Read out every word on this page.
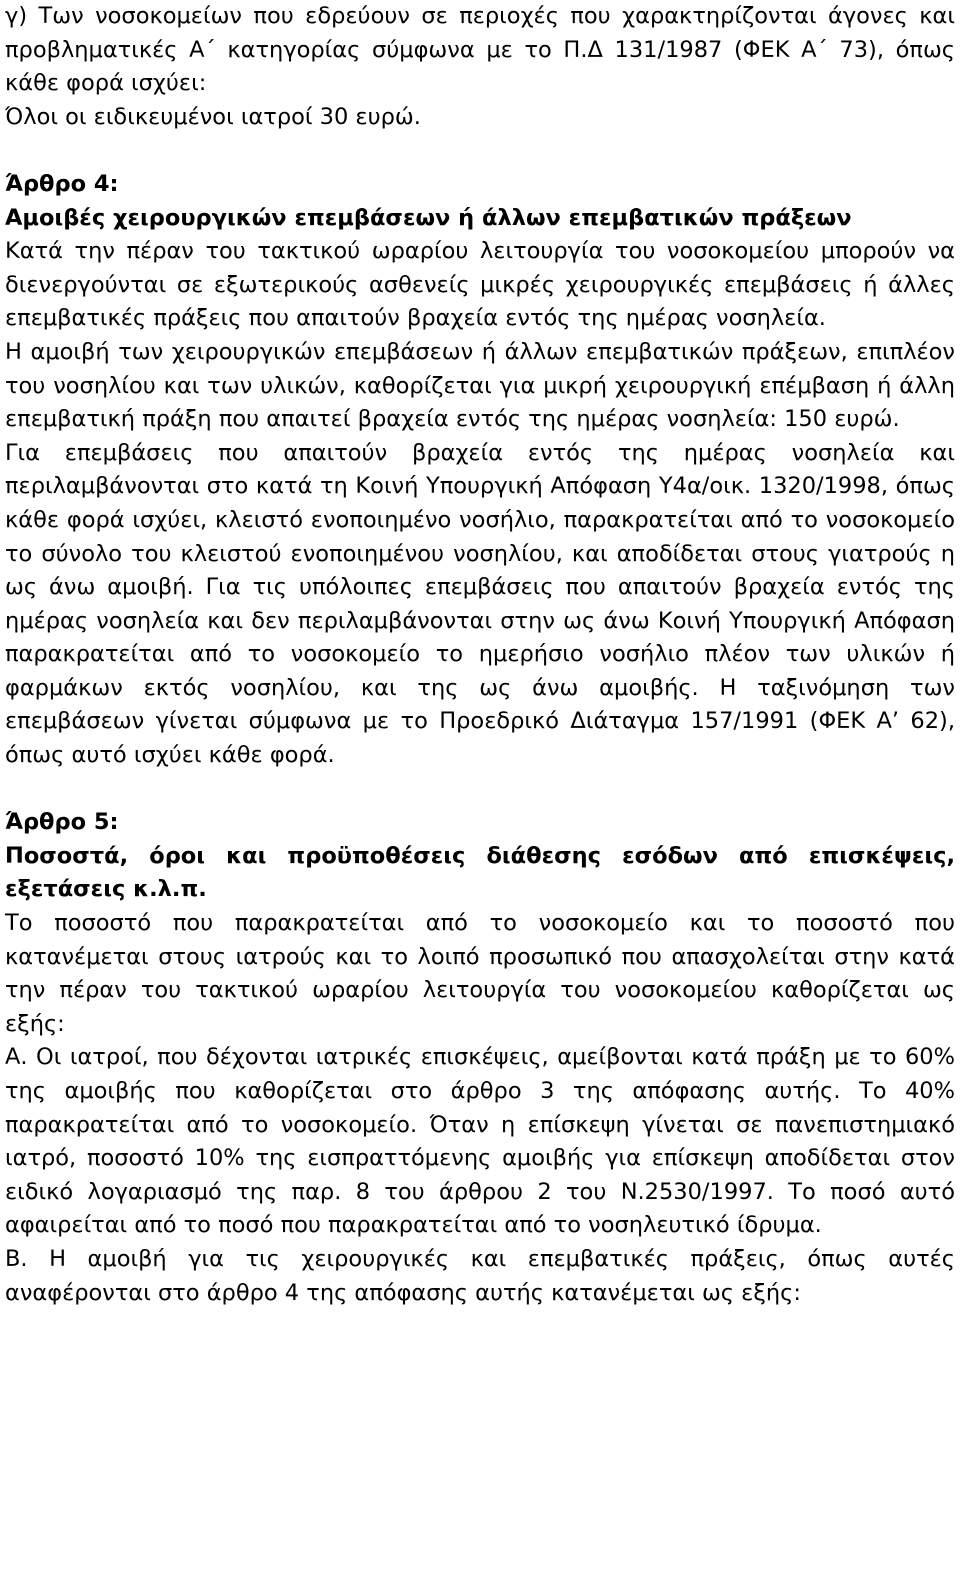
γ) Των νοσοκομείων που εδρεύουν σε περιοχές που χαρακτηρίζονται άγονες και προβληματικές Α΄ κατηγορίας σύμφωνα με το Π.Δ 131/1987 (ΦΕΚ Α΄ 73), όπως κάθε φορά ισχύει:

Όλοι οι ειδικευμένοι ιατροί 30 ευρώ.

Άρθρο 4:

Αμοιβές χειρουργικών επεμβάσεων ή άλλων επεμβατικών πράξεων

Κατά την πέραν του τακτικού ωραρίου λειτουργία του νοσοκομείου μπορούν να διενεργούνται σε εξωτερικούς ασθενείς μικρές χειρουργικές επεμβάσεις ή άλλες επεμβατικές πράξεις που απαιτούν βραχεία εντός της ημέρας νοσηλεία.

Η αμοιβή των χειρουργικών επεμβάσεων ή άλλων επεμβατικών πράξεων, επιπλέον του νοσηλίου και των υλικών, καθορίζεται για μικρή χειρουργική επέμβαση ή άλλη επεμβατική πράξη που απαιτεί βραχεία εντός της ημέρας νοσηλεία: 150 ευρώ.

Για επεμβάσεις που απαιτούν βραχεία εντός της ημέρας νοσηλεία και περιλαμβάνονται στο κατά τη Κοινή Υπουργική Απόφαση Υ4α/οικ. 1320/1998, όπως κάθε φορά ισχύει, κλειστό ενοποιημένο νοσήλιο, παρακρατείται από το νοσοκομείο το σύνολο του κλειστού ενοποιημένου νοσηλίου, και αποδίδεται στους γιατρούς η ως άνω αμοιβή. Για τις υπόλοιπες επεμβάσεις που απαιτούν βραχεία εντός της ημέρας νοσηλεία και δεν περιλαμβάνονται στην ως άνω Κοινή Υπουργική Απόφαση παρακρατείται από το νοσοκομείο το ημερήσιο νοσήλιο πλέον των υλικών ή φαρμάκων εκτός νοσηλίου, και της ως άνω αμοιβής. Η ταξινόμηση των επεμβάσεων γίνεται σύμφωνα με το Προεδρικό Διάταγμα 157/1991 (ΦΕΚ Α’ 62), όπως αυτό ισχύει κάθε φορά.

Άρθρο 5:

Ποσοστά, όροι και προϋποθέσεις διάθεσης εσόδων από επισκέψεις, εξετάσεις κ.λ.π.

Το ποσοστό που παρακρατείται από το νοσοκομείο και το ποσοστό που κατανέμεται στους ιατρούς και το λοιπό προσωπικό που απασχολείται στην κατά την πέραν του τακτικού ωραρίου λειτουργία του νοσοκομείου καθορίζεται ως εξής:

Α. Οι ιατροί, που δέχονται ιατρικές επισκέψεις, αμείβονται κατά πράξη με το 60% της αμοιβής που καθορίζεται στο άρθρο 3 της απόφασης αυτής. Το 40% παρακρατείται από το νοσοκομείο. Όταν η επίσκεψη γίνεται σε πανεπιστημιακό ιατρό, ποσοστό 10% της εισπραττόμενης αμοιβής για επίσκεψη αποδίδεται στον ειδικό λογαριασμό της παρ. 8 του άρθρου 2 του Ν.2530/1997. Το ποσό αυτό αφαιρείται από το ποσό που παρακρατείται από το νοσηλευτικό ίδρυμα.

Β. Η αμοιβή για τις χειρουργικές και επεμβατικές πράξεις, όπως αυτές αναφέρονται στο άρθρο 4 της απόφασης αυτής κατανέμεται ως εξής:
